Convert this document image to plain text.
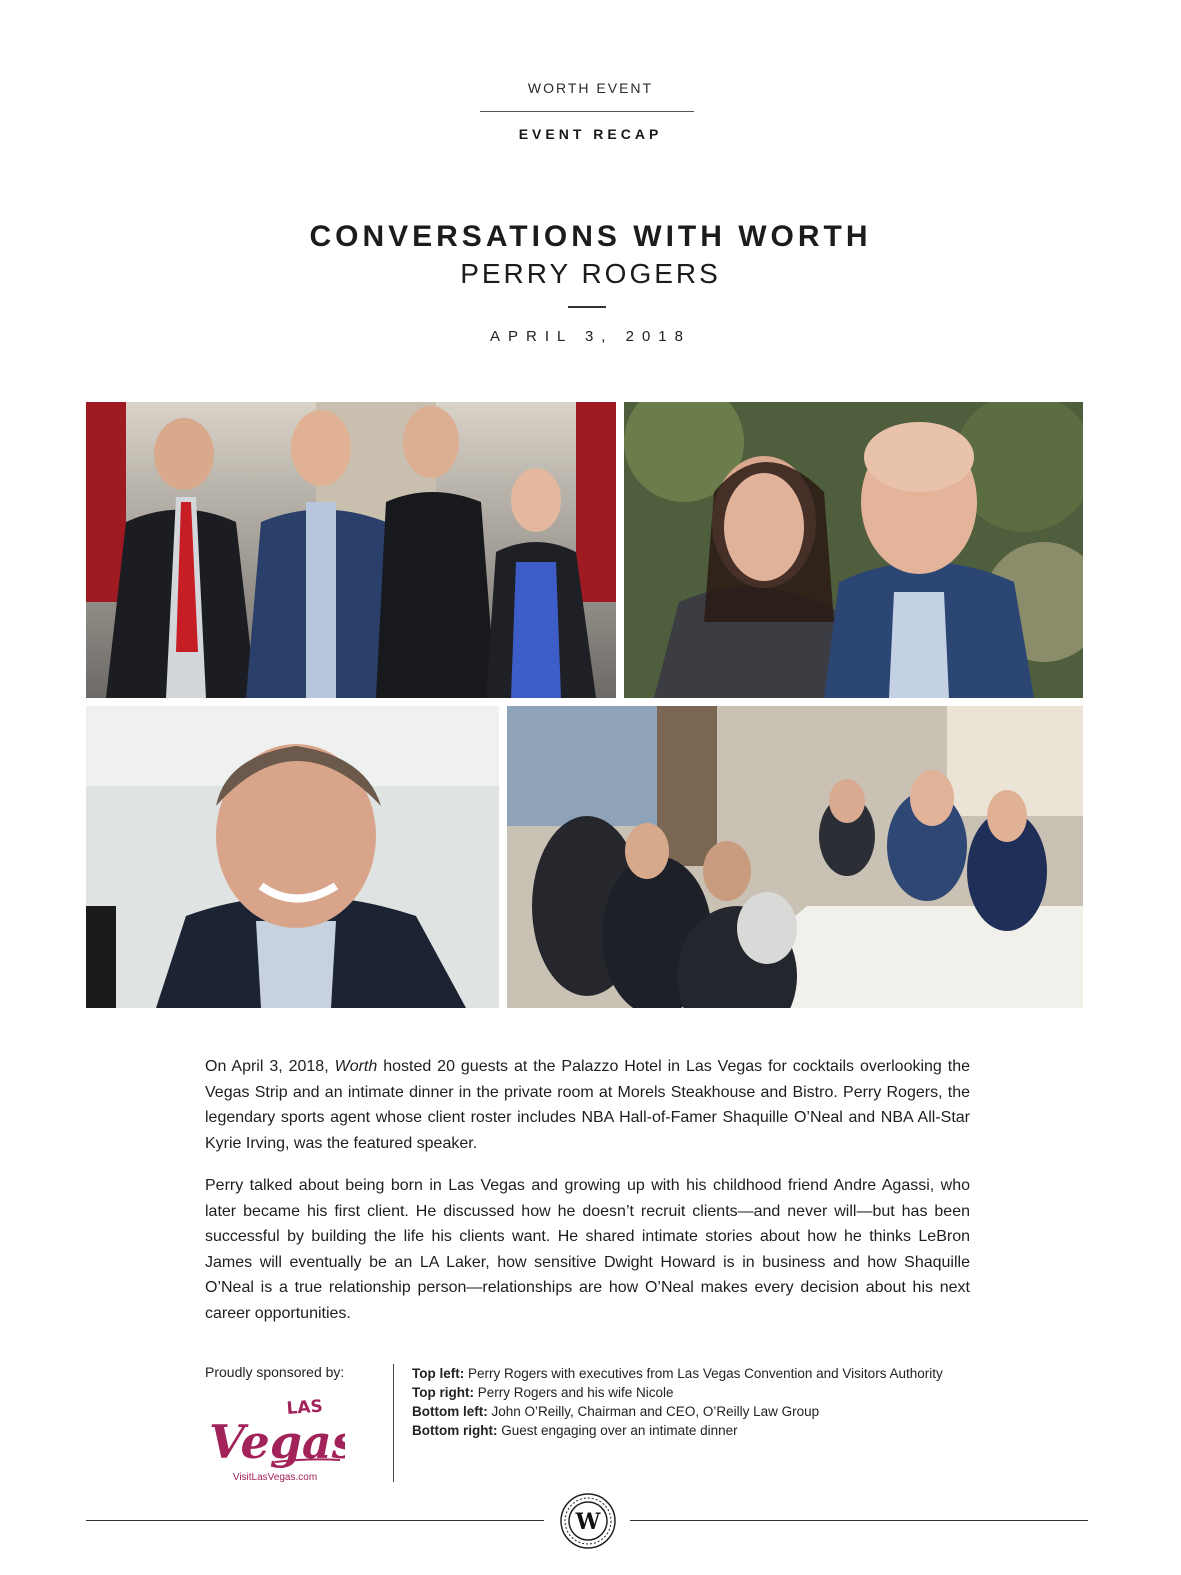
WORTH EVENT
EVENT RECAP
CONVERSATIONS WITH WORTH
PERRY ROGERS
APRIL 3, 2018

On April 3, 2018, Worth hosted 20 guests at the Palazzo Hotel in Las Vegas for cocktails overlooking the Vegas Strip and an intimate dinner in the private room at Morels Steakhouse and Bistro. Perry Rogers, the legendary sports agent whose client roster includes NBA Hall-of-Famer Shaquille O’Neal and NBA All-Star Kyrie Irving, was the featured speaker.

Perry talked about being born in Las Vegas and growing up with his childhood friend Andre Agassi, who later became his first client. He discussed how he doesn’t recruit clients—and never will—but has been successful by building the life his clients want. He shared intimate stories about how he thinks LeBron James will eventually be an LA Laker, how sensitive Dwight Howard is in business and how Shaquille O’Neal is a true relationship person—relationships are how O’Neal makes every decision about his next career opportunities.

Proudly sponsored by:
LAS
Vegas
VisitLasVegas.com
Top left: Perry Rogers with executives from Las Vegas Convention and Visitors Authority
Top right: Perry Rogers and his wife Nicole
Bottom left: John O’Reilly, Chairman and CEO, O’Reilly Law Group
Bottom right: Guest engaging over an intimate dinner
W
